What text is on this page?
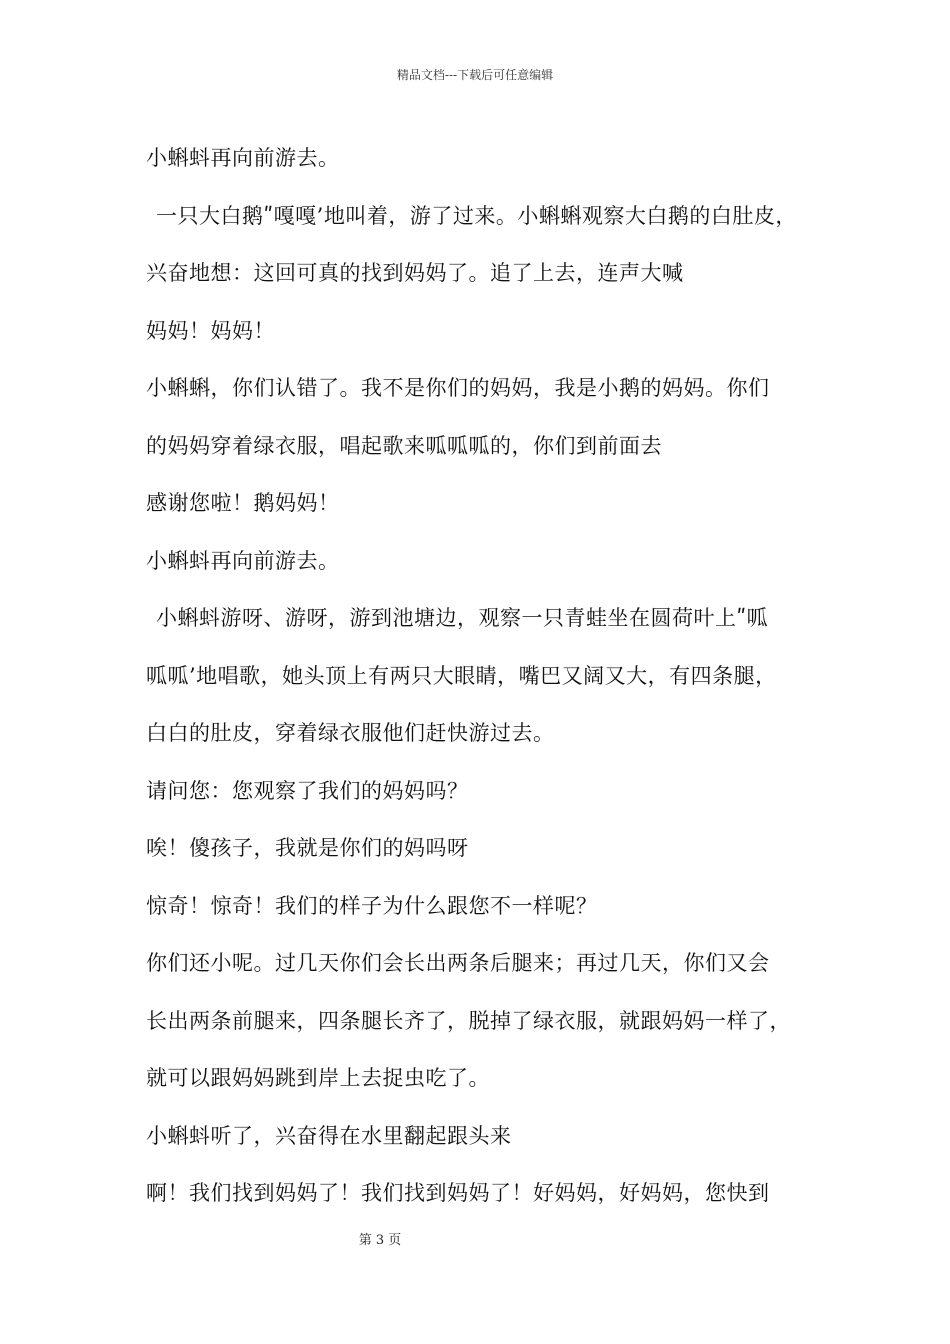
精品文档---下载后可任意编辑
小蝌蚪再向前游去。
一只大白鹅ʺ嘎嘎’地叫着，游了过来。小蝌蝌观察大白鹅的白肚皮，
兴奋地想：这回可真的找到妈妈了。追了上去，连声大喊
妈妈！妈妈！
小蝌蝌，你们认错了。我不是你们的妈妈，我是小鹅的妈妈。你们
的妈妈穿着绿衣服，唱起歌来呱呱呱的，你们到前面去
感谢您啦！鹅妈妈！
小蝌蚪再向前游去。
小蝌蚪游呀、游呀，游到池塘边，观察一只青蛙坐在圆荷叶上ʺ呱
呱呱’地唱歌，她头顶上有两只大眼睛，嘴巴又阔又大，有四条腿，
白白的肚皮，穿着绿衣服他们赶快游过去。
请问您：您观察了我们的妈妈吗？
唉！傻孩子，我就是你们的妈吗呀
惊奇！惊奇！我们的样子为什么跟您不一样呢？
你们还小呢。过几天你们会长出两条后腿来；再过几天，你们又会
长出两条前腿来，四条腿长齐了，脱掉了绿衣服，就跟妈妈一样了，
就可以跟妈妈跳到岸上去捉虫吃了。
小蝌蚪听了，兴奋得在水里翻起跟头来
啊！我们找到妈妈了！我们找到妈妈了！好妈妈，好妈妈，您快到
第 3 页
